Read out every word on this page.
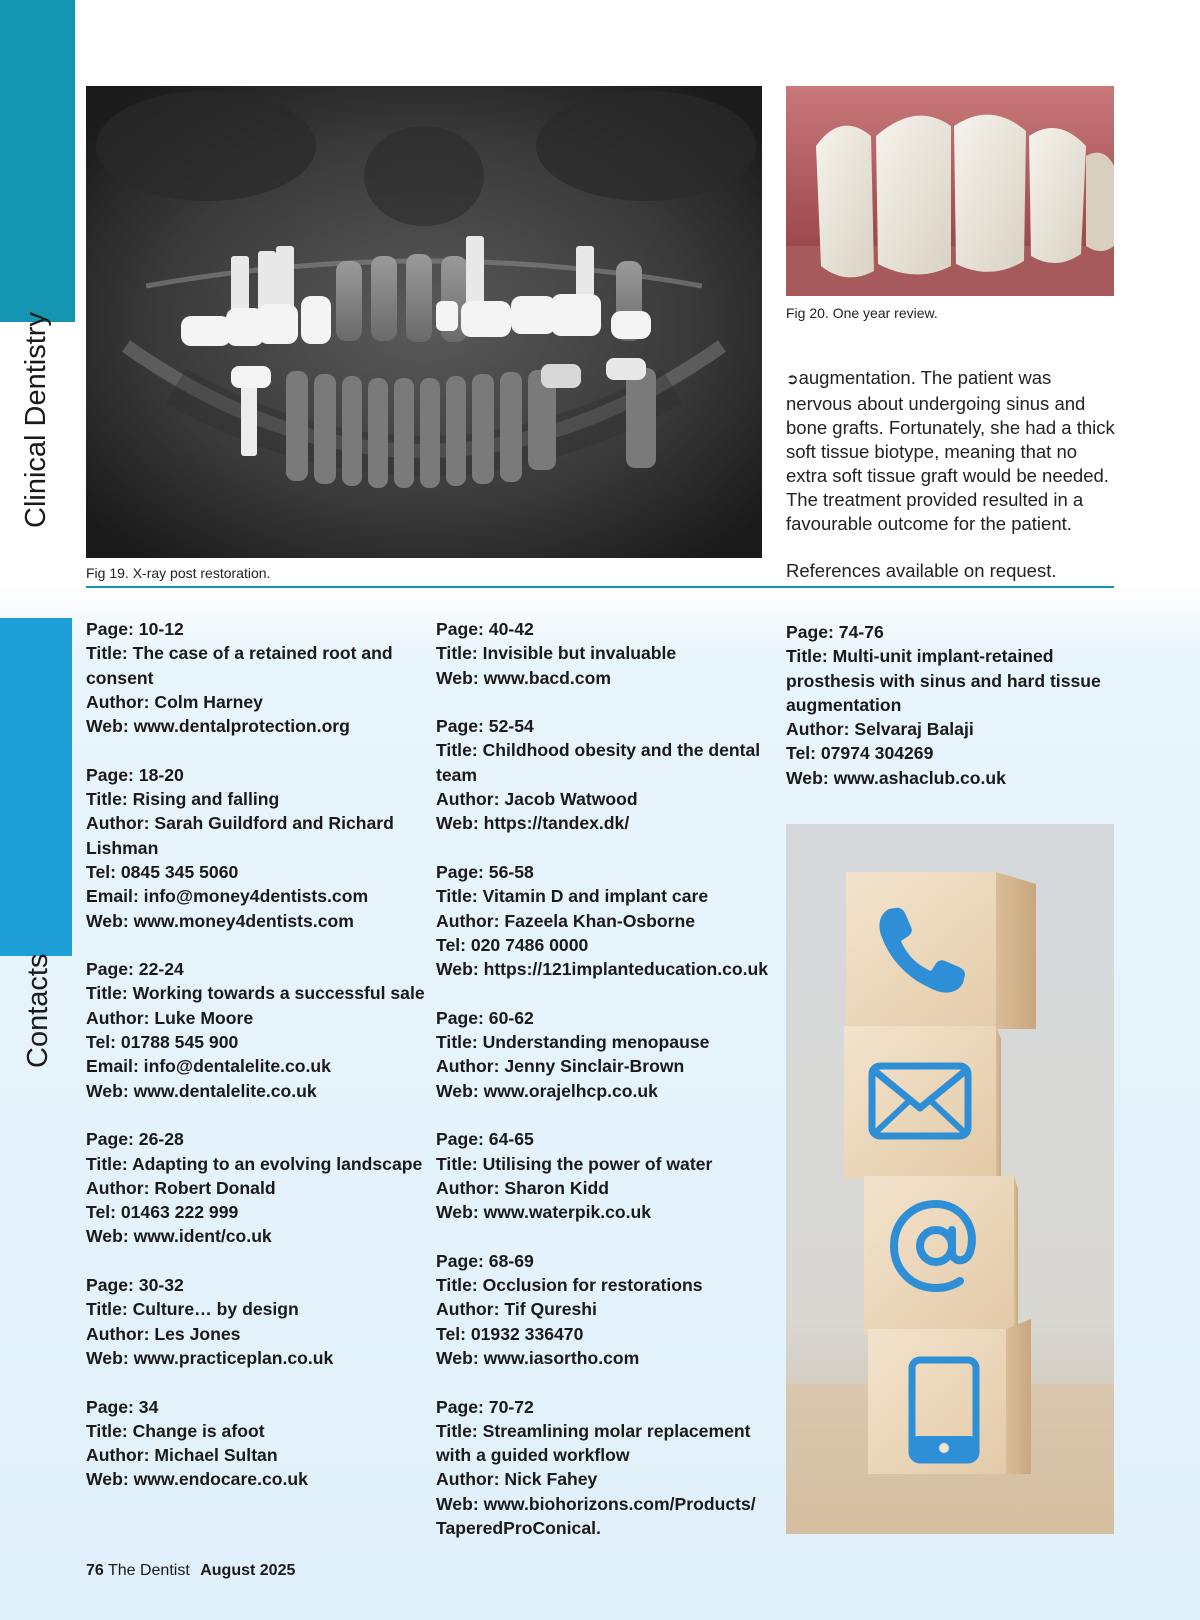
Clinical Dentistry
Contacts
Fig 19. X-ray post restoration.
Fig 20. One year review.
➲augmentation. The patient was nervous about undergoing sinus and bone grafts. Fortunately, she had a thick soft tissue biotype, meaning that no extra soft tissue graft would be needed. The treatment provided resulted in a favourable outcome for the patient.
References available on request.
Page: 10-12
Title: The case of a retained root and consent
Author: Colm Harney
Web: www.dentalprotection.org
Page: 18-20
Title: Rising and falling
Author: Sarah Guildford and Richard Lishman
Tel: 0845 345 5060
Email: info@money4dentists.com
Web: www.money4dentists.com
Page: 22-24
Title: Working towards a successful sale
Author: Luke Moore
Tel: 01788 545 900
Email: info@dentalelite.co.uk
Web: www.dentalelite.co.uk
Page: 26-28
Title: Adapting to an evolving landscape
Author: Robert Donald
Tel: 01463 222 999
Web: www.ident/co.uk
Page: 30-32
Title: Culture… by design
Author: Les Jones
Web: www.practiceplan.co.uk
Page: 34
Title: Change is afoot
Author: Michael Sultan
Web: www.endocare.co.uk
Page: 40-42
Title: Invisible but invaluable
Web: www.bacd.com
Page: 52-54
Title: Childhood obesity and the dental team
Author: Jacob Watwood
Web: https://tandex.dk/
Page: 56-58
Title: Vitamin D and implant care
Author: Fazeela Khan-Osborne
Tel: 020 7486 0000
Web: https://121implanteducation.co.uk
Page: 60-62
Title: Understanding menopause
Author: Jenny Sinclair-Brown
Web: www.orajelhcp.co.uk
Page: 64-65
Title: Utilising the power of water
Author: Sharon Kidd
Web: www.waterpik.co.uk
Page: 68-69
Title: Occlusion for restorations
Author: Tif Qureshi
Tel: 01932 336470
Web: www.iasortho.com
Page: 70-72
Title: Streamlining molar replacement with a guided workflow
Author: Nick Fahey
Web: www.biohorizons.com/Products/ TaperedProConical.
Page: 74-76
Title: Multi-unit implant-retained prosthesis with sinus and hard tissue augmentation
Author: Selvaraj Balaji
Tel: 07974 304269
Web: www.ashaclub.co.uk
76 The Dentist August 2025
